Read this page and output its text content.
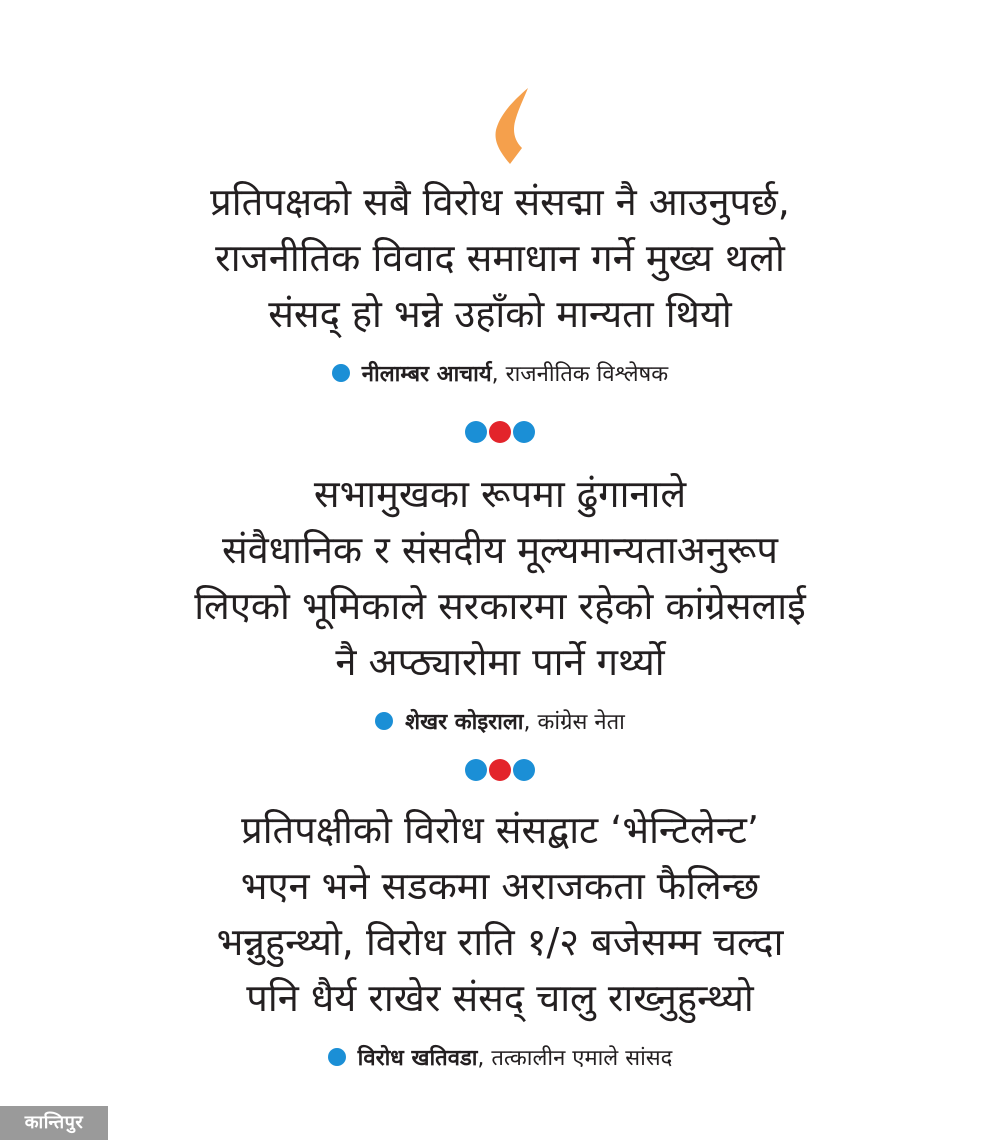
प्रतिपक्षको सबै विरोध संसद्मा नै आउनुपर्छ,
राजनीतिक विवाद समाधान गर्ने मुख्य थलो
संसद् हो भन्ने उहाँको मान्यता थियो

नीलाम्बर आचार्य, राजनीतिक विश्लेषक

सभामुखका रूपमा ढुंगानाले
संवैधानिक र संसदीय मूल्यमान्यताअनुरूप
लिएको भूमिकाले सरकारमा रहेको कांग्रेसलाई
नै अप्ठ्यारोमा पार्ने गर्थ्यो

शेखर कोइराला, कांग्रेस नेता

प्रतिपक्षीको विरोध संसद्बाट ‘भेन्टिलेन्ट’
भएन भने सडकमा अराजकता फैलिन्छ
भन्नुहुन्थ्यो, विरोध राति १/२ बजेसम्म चल्दा
पनि धैर्य राखेर संसद् चालु राख्नुहुन्थ्यो

विरोध खतिवडा, तत्कालीन एमाले सांसद
कान्तिपुर
